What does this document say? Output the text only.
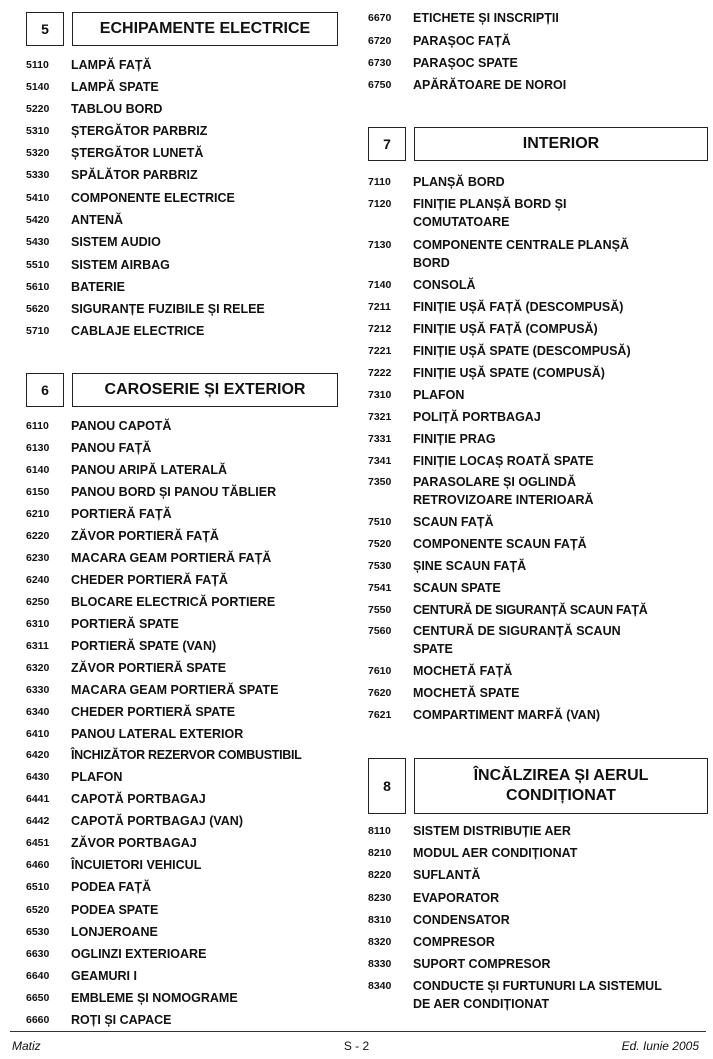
5	ECHIPAMENTE ELECTRICE
5110	LAMPĂ FAȚĂ
5140	LAMPĂ SPATE
5220	TABLOU BORD
5310	ȘTERGĂTOR PARBRIZ
5320	ȘTERGĂTOR LUNETĂ
5330	SPĂLĂTOR PARBRIZ
5410	COMPONENTE ELECTRICE
5420	ANTENĂ
5430	SISTEM AUDIO
5510	SISTEM AIRBAG
5610	BATERIE
5620	SIGURANȚE FUZIBILE ȘI RELEE
5710	CABLAJE ELECTRICE
6	CAROSERIE ȘI EXTERIOR
6110	PANOU CAPOTĂ
6130	PANOU FAȚĂ
6140	PANOU ARIPĂ LATERALĂ
6150	PANOU BORD ȘI PANOU TĂBLIER
6210	PORTIERĂ FAȚĂ
6220	ZĂVOR PORTIERĂ FAȚĂ
6230	MACARA GEAM PORTIERĂ FAȚĂ
6240	CHEDER PORTIERĂ FAȚĂ
6250	BLOCARE ELECTRICĂ PORTIERE
6310	PORTIERĂ SPATE
6311	PORTIERĂ SPATE (VAN)
6320	ZĂVOR PORTIERĂ SPATE
6330	MACARA GEAM PORTIERĂ SPATE
6340	CHEDER PORTIERĂ SPATE
6410	PANOU LATERAL EXTERIOR
6420	ÎNCHIZĂTOR REZERVOR COMBUSTIBIL
6430	PLAFON
6441	CAPOTĂ PORTBAGAJ
6442	CAPOTĂ PORTBAGAJ (VAN)
6451	ZĂVOR PORTBAGAJ
6460	ÎNCUIETORI VEHICUL
6510	PODEA FAȚĂ
6520	PODEA SPATE
6530	LONJEROANE
6630	OGLINZI EXTERIOARE
6640	GEAMURI I
6650	EMBLEME ȘI NOMOGRAME
6660	ROȚI ȘI CAPACE
6670	ETICHETE ȘI INSCRIPȚII
6720	PARAȘOC FAȚĂ
6730	PARAȘOC SPATE
6750	APĂRĂTOARE DE NOROI
7	INTERIOR
7110	PLANȘĂ BORD
7120	FINIȚIE PLANȘĂ BORD ȘI COMUTATOARE
7130	COMPONENTE CENTRALE PLANȘĂ BORD
7140	CONSOLĂ
7211	FINIȚIE UȘĂ FAȚĂ (DESCOMPUSĂ)
7212	FINIȚIE UȘĂ FAȚĂ (COMPUSĂ)
7221	FINIȚIE UȘĂ SPATE (DESCOMPUSĂ)
7222	FINIȚIE UȘĂ SPATE (COMPUSĂ)
7310	PLAFON
7321	POLIȚĂ PORTBAGAJ
7331	FINIȚIE PRAG
7341	FINIȚIE LOCAȘ ROATĂ SPATE
7350	PARASOLARE ȘI OGLINDĂ RETROVIZOARE INTERIOARĂ
7510	SCAUN FAȚĂ
7520	COMPONENTE SCAUN FAȚĂ
7530	ȘINE SCAUN FAȚĂ
7541	SCAUN SPATE
7550	CENTURĂ DE SIGURANȚĂ SCAUN FAȚĂ
7560	CENTURĂ DE SIGURANȚĂ SCAUN SPATE
7610	MOCHETĂ FAȚĂ
7620	MOCHETĂ SPATE
7621	COMPARTIMENT MARFĂ (VAN)
8
ÎNCĂLZIREA ȘI AERUL CONDIȚIONAT
8110	SISTEM DISTRIBUȚIE AER
8210	MODUL AER CONDIȚIONAT
8220	SUFLANTĂ
8230	EVAPORATOR
8310	CONDENSATOR
8320	COMPRESOR
8330	SUPORT COMPRESOR
8340	CONDUCTE ȘI FURTUNURI LA SISTEMUL DE AER CONDIȚIONAT
Matiz	S - 2	Ed. Iunie 2005
